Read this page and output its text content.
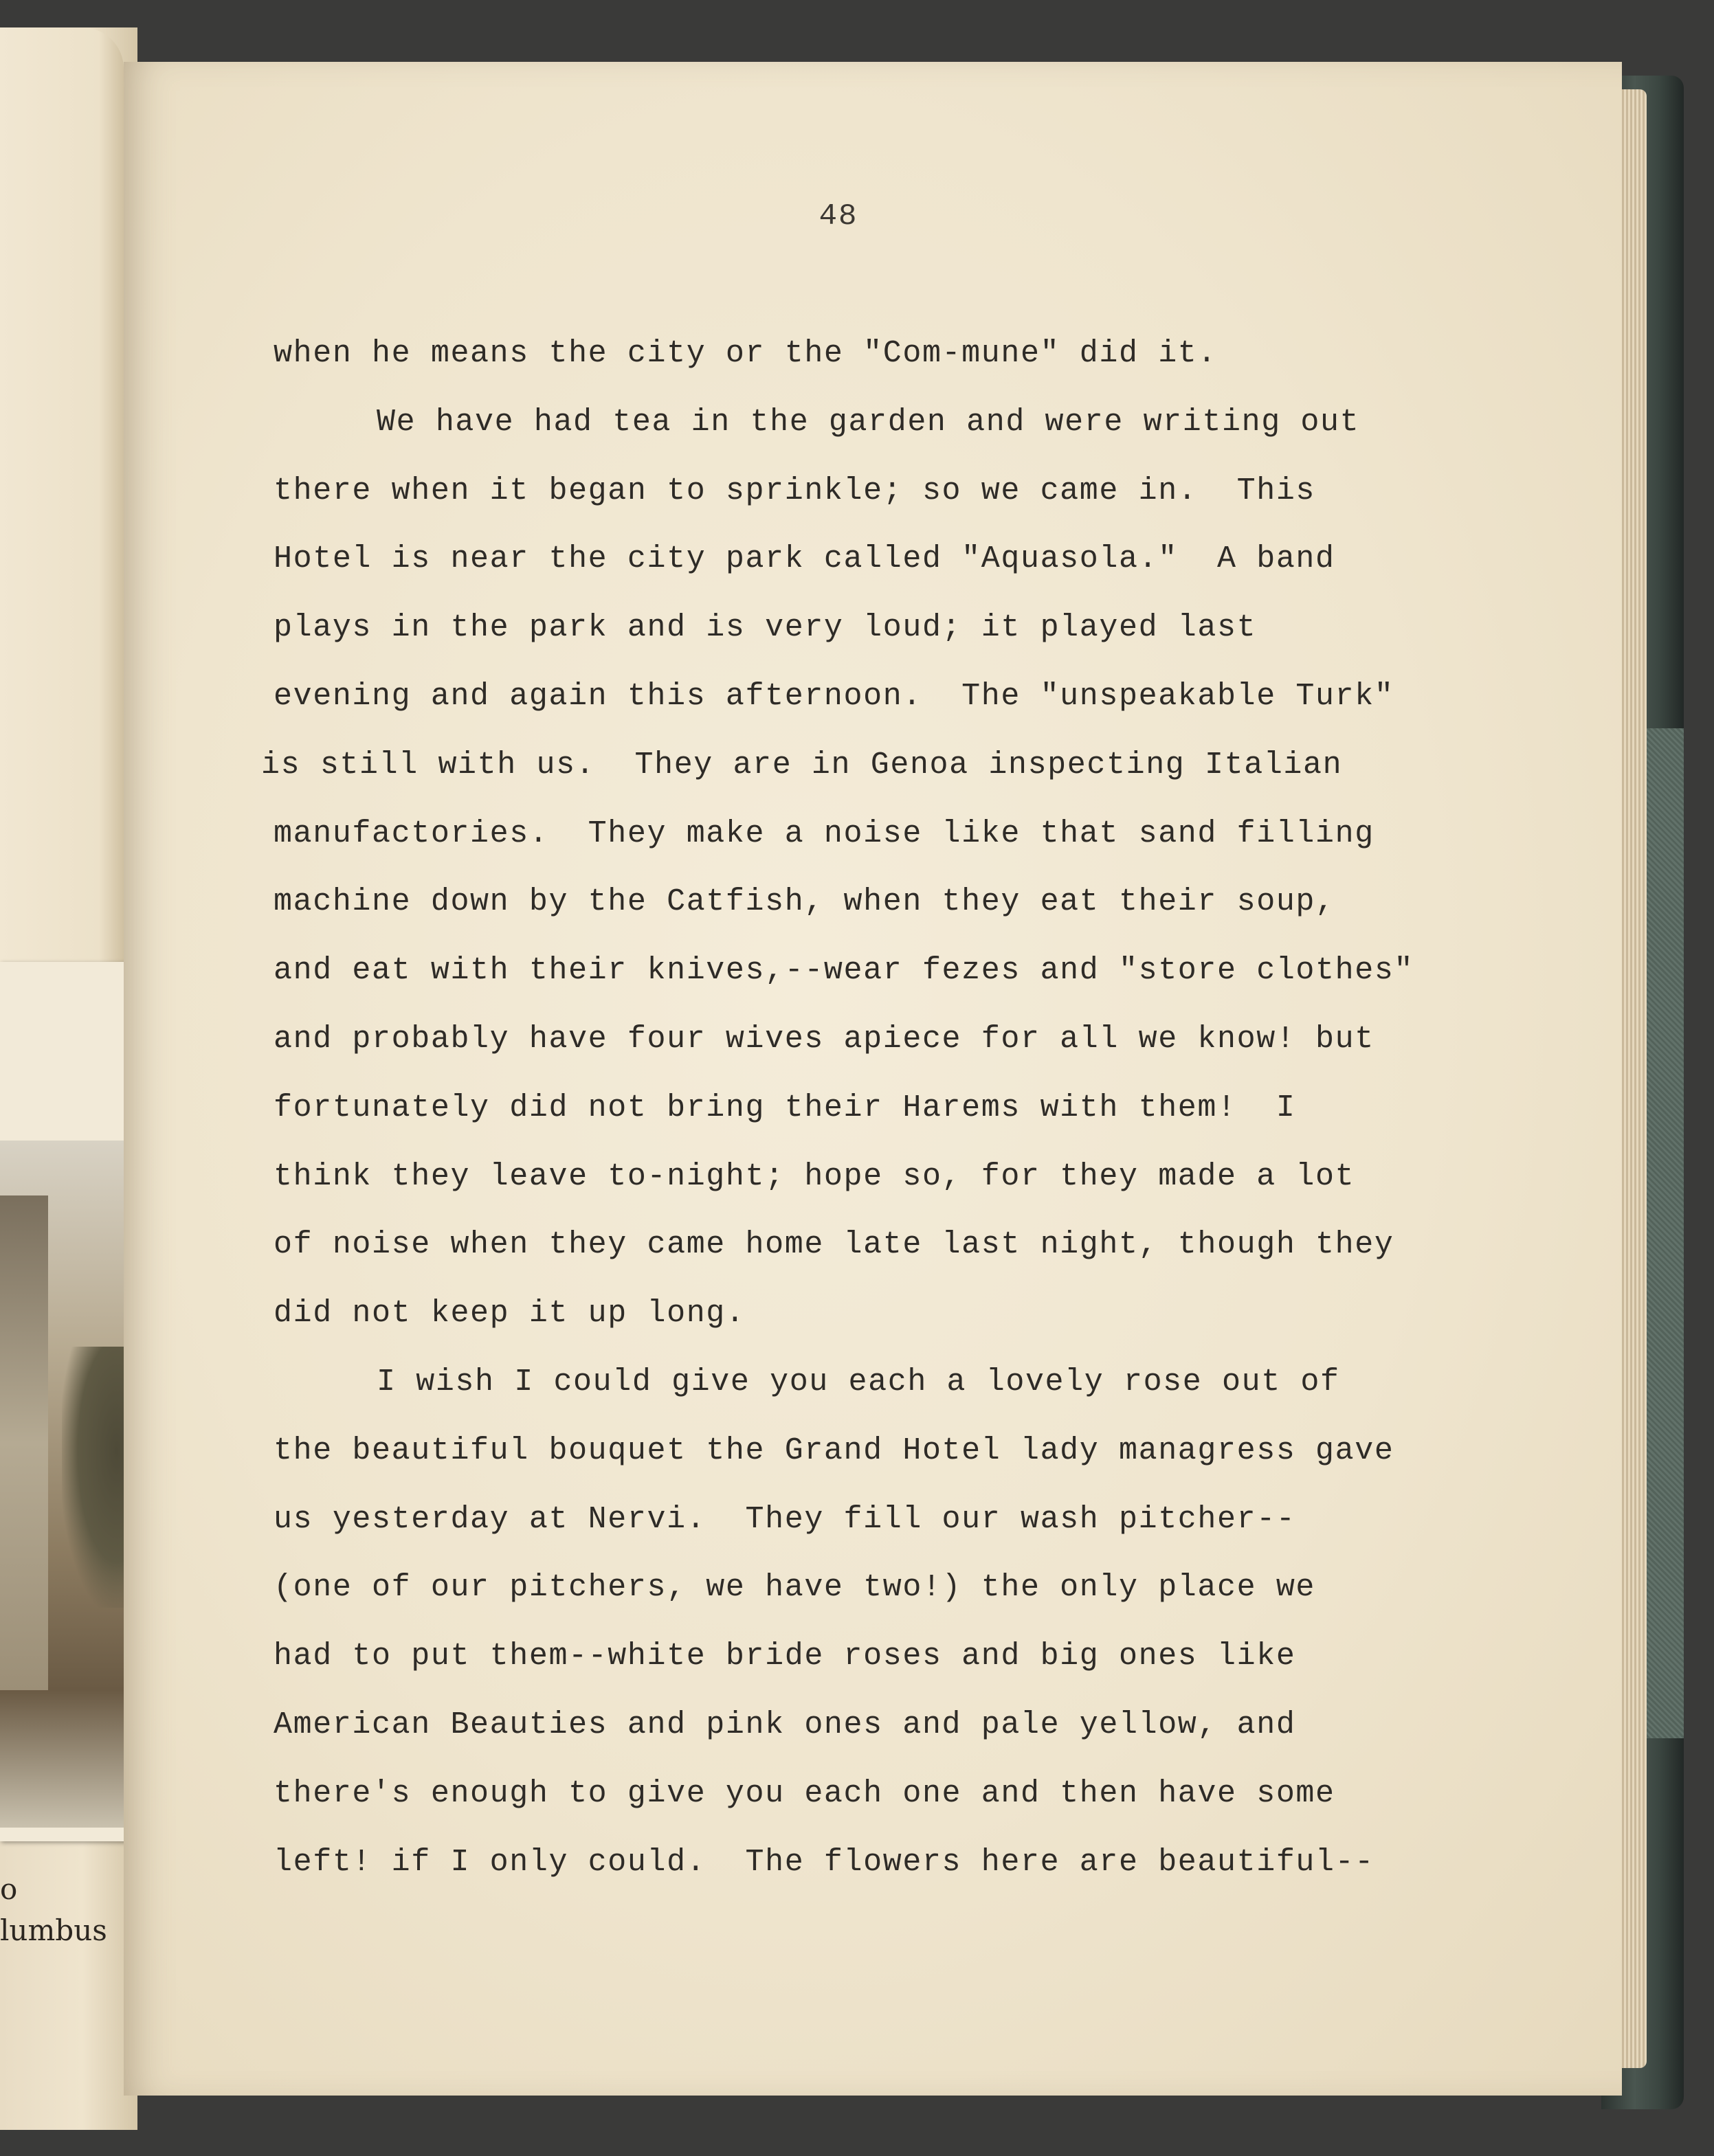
o
lumbus
48
when he means the city or the "Com-mune" did it.
We have had tea in the garden and were writing out
there when it began to sprinkle; so we came in.  This
Hotel is near the city park called "Aquasola."  A band
plays in the park and is very loud; it played last
evening and again this afternoon.  The "unspeakable Turk"
is still with us.  They are in Genoa inspecting Italian
manufactories.  They make a noise like that sand filling
machine down by the Catfish, when they eat their soup,
and eat with their knives,--wear fezes and "store clothes"
and probably have four wives apiece for all we know! but
fortunately did not bring their Harems with them!  I
think they leave to-night; hope so, for they made a lot
of noise when they came home late last night, though they
did not keep it up long.
I wish I could give you each a lovely rose out of
the beautiful bouquet the Grand Hotel lady managress gave
us yesterday at Nervi.  They fill our wash pitcher--
(one of our pitchers, we have two!) the only place we
had to put them--white bride roses and big ones like
American Beauties and pink ones and pale yellow, and
there's enough to give you each one and then have some
left! if I only could.  The flowers here are beautiful--
